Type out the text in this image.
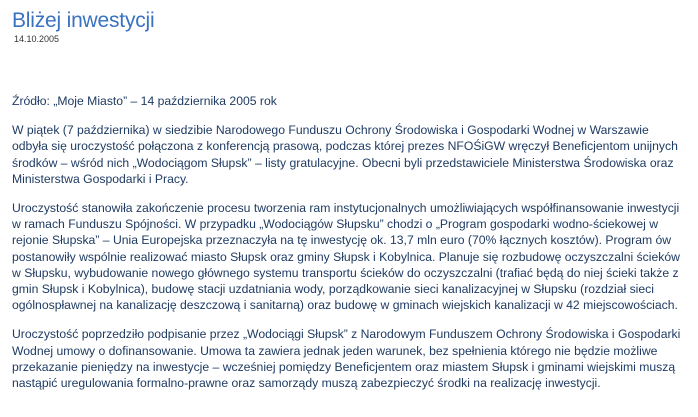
Bliżej inwestycji
14.10.2005

Źródło: „Moje Miasto” – 14 października 2005 rok

W piątek (7 października) w siedzibie Narodowego Funduszu Ochrony Środowiska i Gospodarki Wodnej w Warszawie odbyła się uroczystość połączona z konferencją prasową, podczas której prezes NFOŚiGW wręczył Beneficjentom unijnych środków – wśród nich „Wodociągom Słupsk” – listy gratulacyjne. Obecni byli przedstawiciele Ministerstwa Środowiska oraz Ministerstwa Gospodarki i Pracy.

Uroczystość stanowiła zakończenie procesu tworzenia ram instytucjonalnych umożliwiających współfinansowanie inwestycji w ramach Funduszu Spójności. W przypadku „Wodociągów Słupsku” chodzi o „Program gospodarki wodno-ściekowej w rejonie Słupska” – Unia Europejska przeznaczyła na tę inwestycję ok. 13,7 mln euro (70% łącznych kosztów). Program ów postanowiły wspólnie realizować miasto Słupsk oraz gminy Słupsk i Kobylnica. Planuje się rozbudowę oczyszczalni ścieków w Słupsku, wybudowanie nowego głównego systemu transportu ścieków do oczyszczalni (trafiać będą do niej ścieki także z gmin Słupsk i Kobylnica), budowę stacji uzdatniania wody, porządkowanie sieci kanalizacyjnej w Słupsku (rozdział sieci ogólnospławnej na kanalizację deszczową i sanitarną) oraz budowę w gminach wiejskich kanalizacji w 42 miejscowościach.

Uroczystość poprzedziło podpisanie przez „Wodociągi Słupsk” z Narodowym Funduszem Ochrony Środowiska i Gospodarki Wodnej umowy o dofinansowanie. Umowa ta zawiera jednak jeden warunek, bez spełnienia którego nie będzie możliwe przekazanie pieniędzy na inwestycje – wcześniej pomiędzy Beneficjentem oraz miastem Słupsk i gminami wiejskimi muszą nastąpić uregulowania formalno-prawne oraz samorządy muszą zabezpieczyć środki na realizację inwestycji.
